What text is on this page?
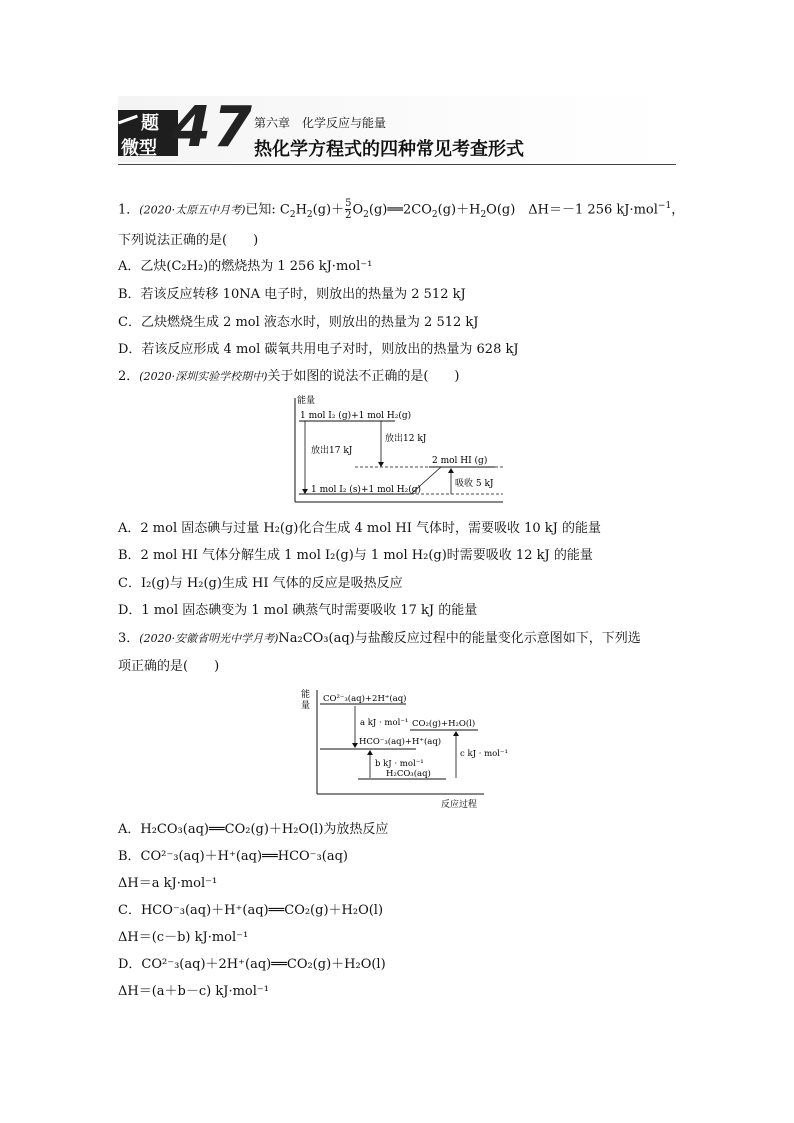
题
微型 47 第六章　化学反应与能量
热化学方程式的四种常见考查形式
1．(2020·太原五中月考)已知: $C_2H_2(g)+ \frac{5}{2}$ $O_2(g)══2CO_2(g)+H_2O(g)$　ΔH＝－1 256 kJ·mol$^{-1}$，
下列说法正确的是(　　)
A．乙炔(C₂H₂)的燃烧热为 1 256 kJ·mol⁻¹
B．若该反应转移 10NA 电子时，则放出的热量为 2 512 kJ
C．乙炔燃烧生成 2 mol 液态水时，则放出的热量为 2 512 kJ
D．若该反应形成 4 mol 碳氧共用电子对时，则放出的热量为 628 kJ
2．(2020·深圳实验学校期中)关于如图的说法不正确的是(　　)
能量
1 mol I₂ (g)+1 mol H₂(g)
放出17 kJ
放出12 kJ
2 mol HI (g)
1 mol I₂ (s)+1 mol H₂(g)
吸收 5 kJ
A．2 mol 固态碘与过量 H₂(g)化合生成 4 mol HI 气体时，需要吸收 10 kJ 的能量
B．2 mol HI 气体分解生成 1 mol I₂(g)与 1 mol H₂(g)时需要吸收 12 kJ 的能量
C．I₂(g)与 H₂(g)生成 HI 气体的反应是吸热反应
D．1 mol 固态碘变为 1 mol 碘蒸气时需要吸收 17 kJ 的能量
3．(2020·安徽省明光中学月考)Na₂CO₃(aq)与盐酸反应过程中的能量变化示意图如下，下列选
项正确的是(　　)
能
量
CO²⁻₃(aq)+2H⁺(aq)
a kJ · mol⁻¹ CO₂(g)+H₂O(l)
HCO⁻₃(aq)+H⁺(aq)
c kJ · mol⁻¹
b kJ · mol⁻¹
H₂CO₃(aq)
反应过程
A．H₂CO₃(aq)══CO₂(g)＋H₂O(l)为放热反应
B．CO²⁻₃(aq)＋H⁺(aq)══HCO⁻₃(aq)
ΔH＝a kJ·mol⁻¹
C．HCO⁻₃(aq)＋H⁺(aq)══CO₂(g)＋H₂O(l)
ΔH＝(c－b) kJ·mol⁻¹
D．CO²⁻₃(aq)＋2H⁺(aq)══CO₂(g)＋H₂O(l)
ΔH＝(a＋b－c) kJ·mol⁻¹
